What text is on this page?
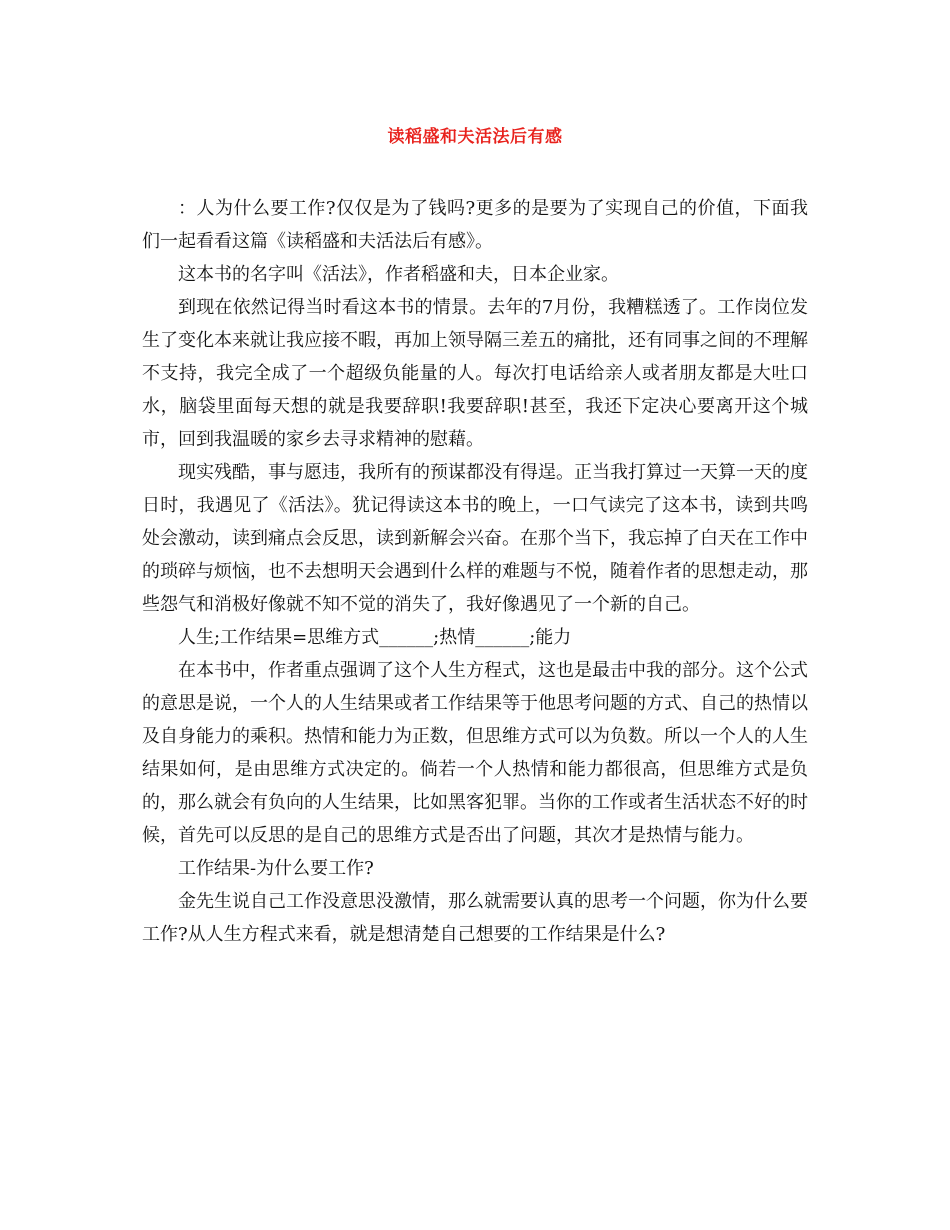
读稻盛和夫活法后有感

：人为什么要工作?仅仅是为了钱吗?更多的是要为了实现自己的价值，下面我们一起看看这篇《读稻盛和夫活法后有感》。

这本书的名字叫《活法》，作者稻盛和夫，日本企业家。

到现在依然记得当时看这本书的情景。去年的7月份，我糟糕透了。工作岗位发生了变化本来就让我应接不暇，再加上领导隔三差五的痛批，还有同事之间的不理解不支持，我完全成了一个超级负能量的人。每次打电话给亲人或者朋友都是大吐口水，脑袋里面每天想的就是我要辞职!我要辞职!甚至，我还下定决心要离开这个城市，回到我温暖的家乡去寻求精神的慰藉。

现实残酷，事与愿违，我所有的预谋都没有得逞。正当我打算过一天算一天的度日时，我遇见了《活法》。犹记得读这本书的晚上，一口气读完了这本书，读到共鸣处会激动，读到痛点会反思，读到新解会兴奋。在那个当下，我忘掉了白天在工作中的琐碎与烦恼，也不去想明天会遇到什么样的难题与不悦，随着作者的思想走动，那些怨气和消极好像就不知不觉的消失了，我好像遇见了一个新的自己。

人生;工作结果=思维方式______;热情______;能力

在本书中，作者重点强调了这个人生方程式，这也是最击中我的部分。这个公式的意思是说，一个人的人生结果或者工作结果等于他思考问题的方式、自己的热情以及自身能力的乘积。热情和能力为正数，但思维方式可以为负数。所以一个人的人生结果如何，是由思维方式决定的。倘若一个人热情和能力都很高，但思维方式是负的，那么就会有负向的人生结果，比如黑客犯罪。当你的工作或者生活状态不好的时候，首先可以反思的是自己的思维方式是否出了问题，其次才是热情与能力。

工作结果-为什么要工作?

金先生说自己工作没意思没激情，那么就需要认真的思考一个问题，你为什么要工作?从人生方程式来看，就是想清楚自己想要的工作结果是什么?
